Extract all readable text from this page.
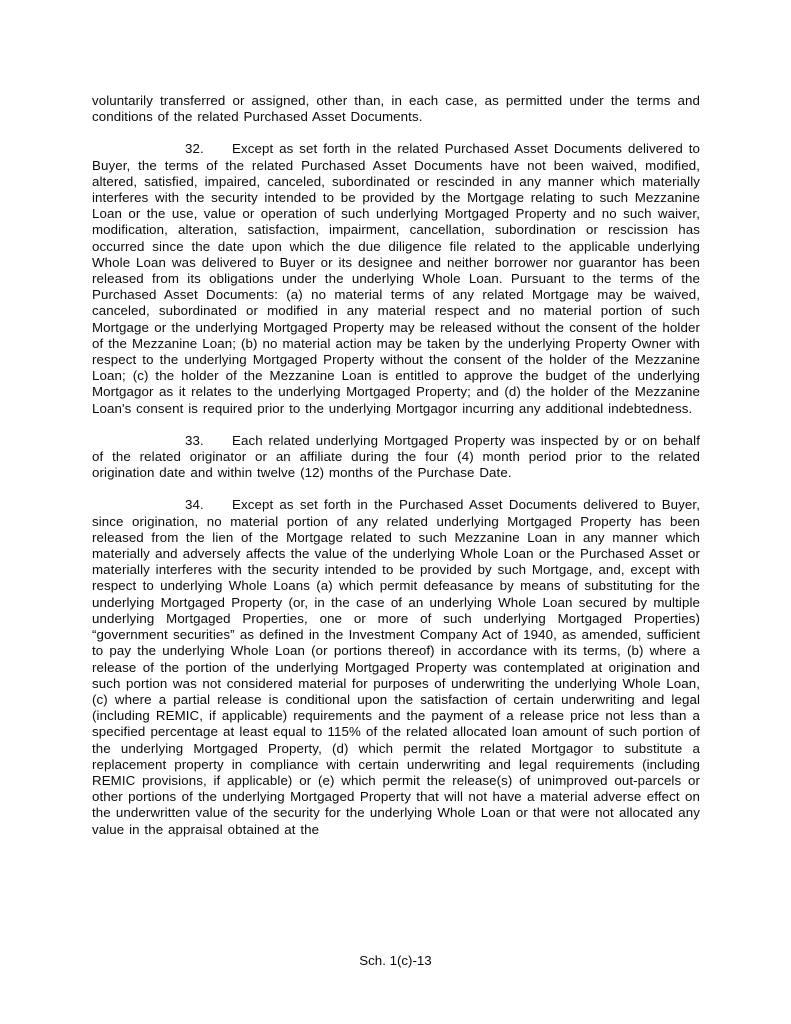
voluntarily transferred or assigned, other than, in each case, as permitted under the terms and conditions of the related Purchased Asset Documents.

32. Except as set forth in the related Purchased Asset Documents delivered to Buyer, the terms of the related Purchased Asset Documents have not been waived, modified, altered, satisfied, impaired, canceled, subordinated or rescinded in any manner which materially interferes with the security intended to be provided by the Mortgage relating to such Mezzanine Loan or the use, value or operation of such underlying Mortgaged Property and no such waiver, modification, alteration, satisfaction, impairment, cancellation, subordination or rescission has occurred since the date upon which the due diligence file related to the applicable underlying Whole Loan was delivered to Buyer or its designee and neither borrower nor guarantor has been released from its obligations under the underlying Whole Loan. Pursuant to the terms of the Purchased Asset Documents: (a) no material terms of any related Mortgage may be waived, canceled, subordinated or modified in any material respect and no material portion of such Mortgage or the underlying Mortgaged Property may be released without the consent of the holder of the Mezzanine Loan; (b) no material action may be taken by the underlying Property Owner with respect to the underlying Mortgaged Property without the consent of the holder of the Mezzanine Loan; (c) the holder of the Mezzanine Loan is entitled to approve the budget of the underlying Mortgagor as it relates to the underlying Mortgaged Property; and (d) the holder of the Mezzanine Loan's consent is required prior to the underlying Mortgagor incurring any additional indebtedness.

33. Each related underlying Mortgaged Property was inspected by or on behalf of the related originator or an affiliate during the four (4) month period prior to the related origination date and within twelve (12) months of the Purchase Date.

34. Except as set forth in the Purchased Asset Documents delivered to Buyer, since origination, no material portion of any related underlying Mortgaged Property has been released from the lien of the Mortgage related to such Mezzanine Loan in any manner which materially and adversely affects the value of the underlying Whole Loan or the Purchased Asset or materially interferes with the security intended to be provided by such Mortgage, and, except with respect to underlying Whole Loans (a) which permit defeasance by means of substituting for the underlying Mortgaged Property (or, in the case of an underlying Whole Loan secured by multiple underlying Mortgaged Properties, one or more of such underlying Mortgaged Properties) “government securities” as defined in the Investment Company Act of 1940, as amended, sufficient to pay the underlying Whole Loan (or portions thereof) in accordance with its terms, (b) where a release of the portion of the underlying Mortgaged Property was contemplated at origination and such portion was not considered material for purposes of underwriting the underlying Whole Loan, (c) where a partial release is conditional upon the satisfaction of certain underwriting and legal (including REMIC, if applicable) requirements and the payment of a release price not less than a specified percentage at least equal to 115% of the related allocated loan amount of such portion of the underlying Mortgaged Property, (d) which permit the related Mortgagor to substitute a replacement property in compliance with certain underwriting and legal requirements (including REMIC provisions, if applicable) or (e) which permit the release(s) of unimproved out-parcels or other portions of the underlying Mortgaged Property that will not have a material adverse effect on the underwritten value of the security for the underlying Whole Loan or that were not allocated any value in the appraisal obtained at the

Sch. 1(c)-13
